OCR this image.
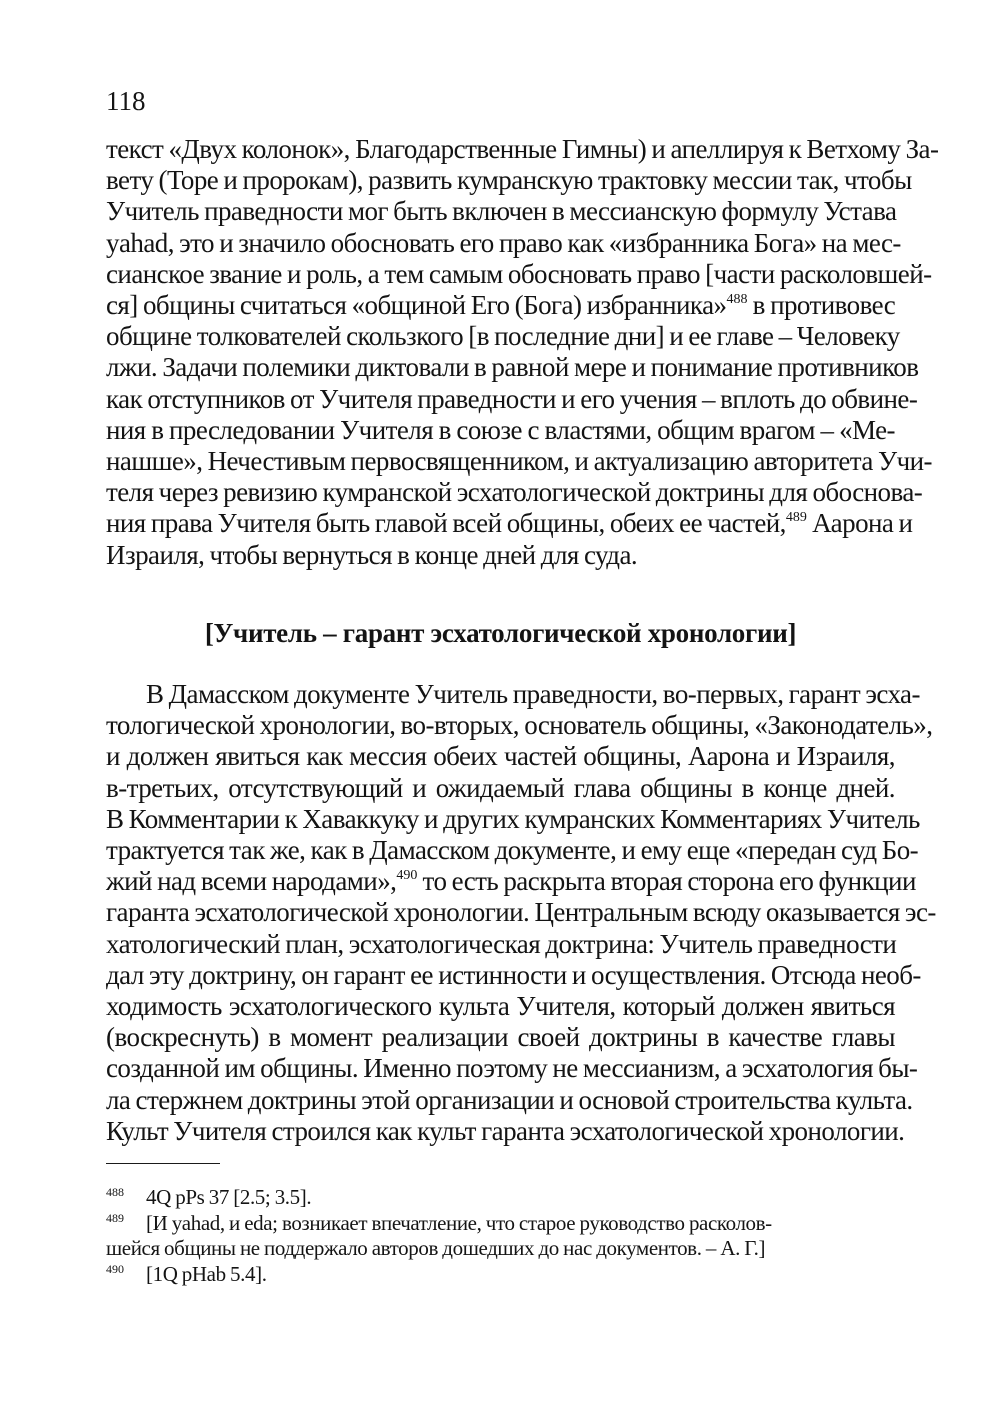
118
текст «Двух колонок», Благодарственные Гимны) и апеллируя к Ветхому За-
вету (Торе и пророкам), развить кумранскую трактовку мессии так, чтобы
Учитель праведности мог быть включен в мессианскую формулу Устава
yahad, это и значило обосновать его право как «избранника Бога» на мес-
сианское звание и роль, а тем самым обосновать право [части расколовшей-
ся] общины считаться «общиной Его (Бога) избранника»$^{488}$ в противовес
общине толкователей скользкого [в последние дни] и ее главе – Человеку
лжи. Задачи полемики диктовали в равной мере и понимание противников
как отступников от Учителя праведности и его учения – вплоть до обвине-
ния в преследовании Учителя в союзе с властями, общим врагом – «Ме-
нашше», Нечестивым первосвященником, и актуализацию авторитета Учи-
теля через ревизию кумранской эсхатологической доктрины для обоснова-
ния права Учителя быть главой всей общины, обеих ее частей,$^{489}$ Аарона и
Израиля, чтобы вернуться в конце дней для суда.
[Учитель – гарант эсхатологической хронологии]
В Дамасском документе Учитель праведности, во-первых, гарант эсха-
тологической хронологии, во-вторых, основатель общины, «Законодатель»,
и должен явиться как мессия обеих частей общины, Аарона и Израиля,
в-третьих, отсутствующий и ожидаемый глава общины в конце дней.
В Комментарии к Хаваккуку и других кумранских Комментариях Учитель
трактуется так же, как в Дамасском документе, и ему еще «передан суд Бо-
жий над всеми народами»,$^{490}$ то есть раскрыта вторая сторона его функции
гаранта эсхатологической хронологии. Центральным всюду оказывается эс-
хатологический план, эсхатологическая доктрина: Учитель праведности
дал эту доктрину, он гарант ее истинности и осуществления. Отсюда необ-
ходимость эсхатологического культа Учителя, который должен явиться
(воскреснуть) в момент реализации своей доктрины в качестве главы
созданной им общины. Именно поэтому не мессианизм, а эсхатология бы-
ла стержнем доктрины этой организации и основой строительства культа.
Культ Учителя строился как культ гаранта эсхатологической хронологии.
488 4Q pPs 37 [2.5; 3.5].
489 [И yahad, и eda; возникает впечатление, что старое руководство расколов-
шейся общины не поддержало авторов дошедших до нас документов. – А. Г.]
490 [1Q pHab 5.4].
